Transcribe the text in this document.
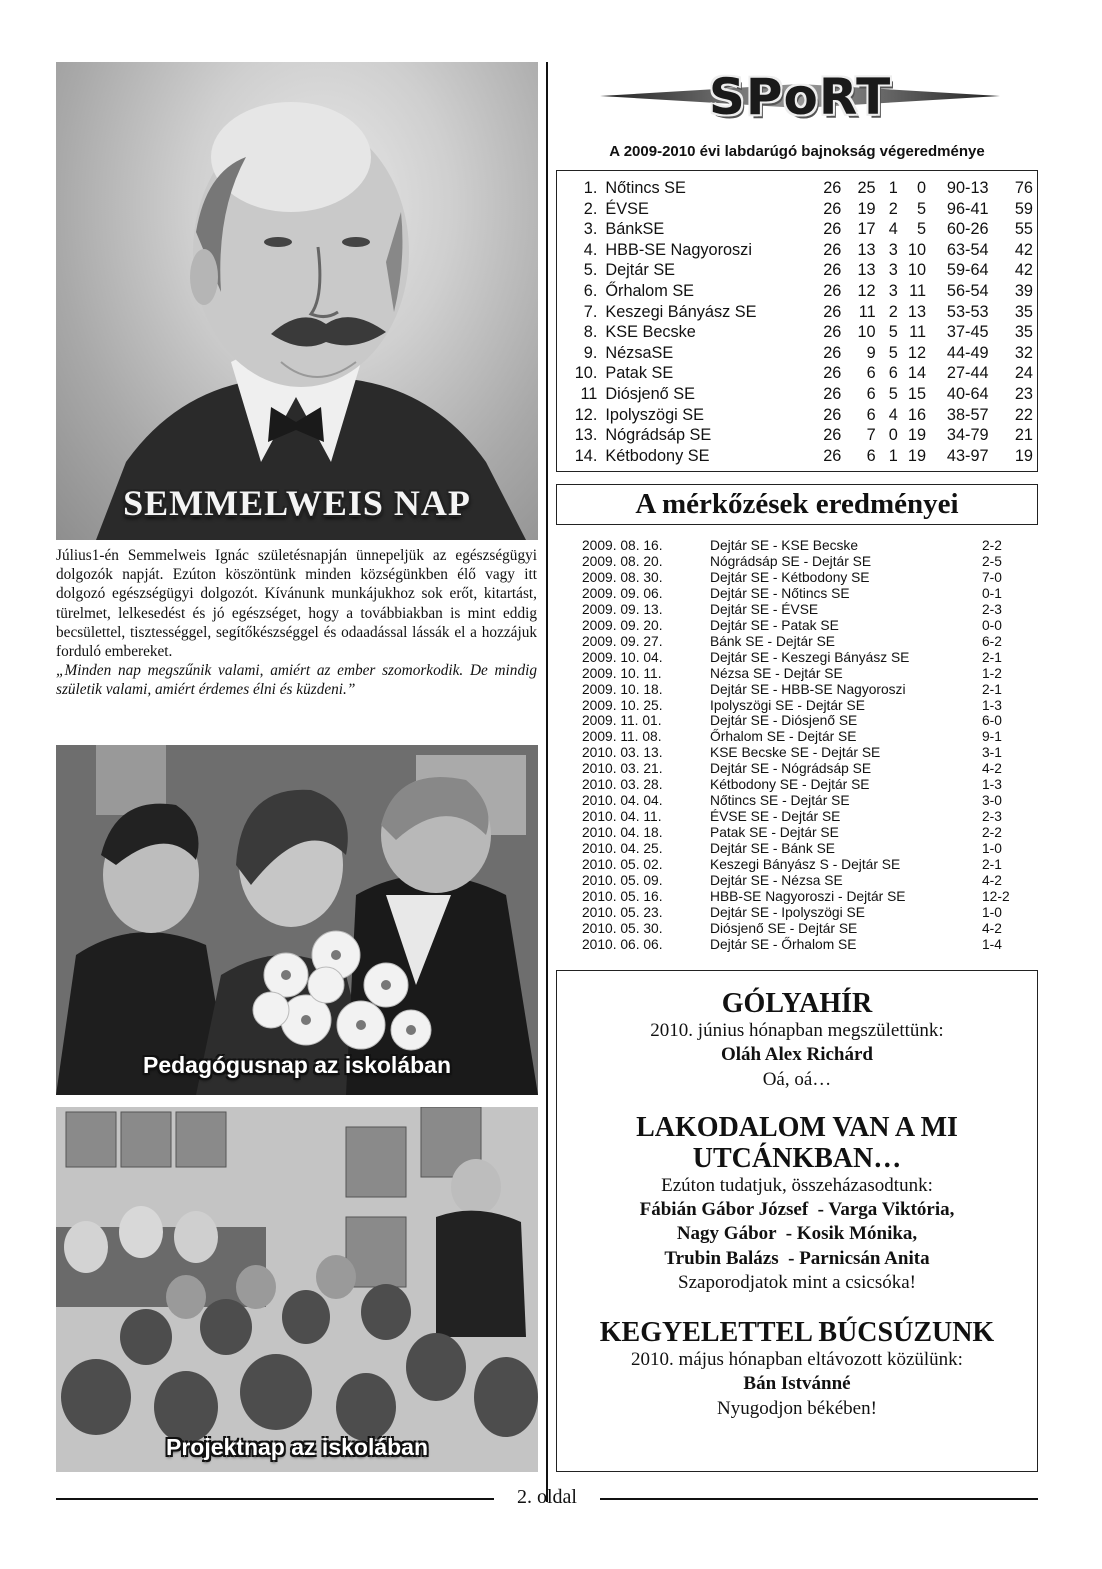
SEMMELWEIS NAP

Július1-én Semmelweis Ignác születésnapján ünnepeljük az egészségügyi dolgozók napját. Ezúton köszöntünk minden községünkben élő vagy itt dolgozó egészségügyi dolgozót. Kívánunk munkájukhoz sok erőt, kitartást, türelmet, lelkesedést és jó egészséget, hogy a továbbiakban is mint eddig becsülettel, tisztességgel, segítőkészséggel és odaadással lássák el a hozzájuk forduló embereket.

„Minden nap megszűnik valami, amiért az ember szomorkodik. De mindig születik valami, amiért érdemes élni és küzdeni.”

Pedagógusnap az iskolában
Projektnap az iskolában
SPoRT
A 2009-2010 évi labdarúgó bajnokság végeredménye
1.	Nőtincs SE	26	25	1	0	90-13	76
2.	ÉVSE	26	19	2	5	96-41	59
3.	BánkSE	26	17	4	5	60-26	55
4.	HBB-SE Nagyoroszi	26	13	3	10	63-54	42
5.	Dejtár SE	26	13	3	10	59-64	42
6.	Őrhalom SE	26	12	3	11	56-54	39
7.	Keszegi Bányász SE	26	11	2	13	53-53	35
8.	KSE Becske	26	10	5	11	37-45	35
9.	NézsaSE	26	9	5	12	44-49	32
10.	Patak SE	26	6	6	14	27-44	24
11	Diósjenő SE	26	6	5	15	40-64	23
12.	Ipolyszögi SE	26	6	4	16	38-57	22
13.	Nógrádsáp SE	26	7	0	19	34-79	21
14.	Kétbodony SE	26	6	1	19	43-97	19
A mérkőzések eredményei
2009. 08. 16.	Dejtár SE - KSE Becske	2-2
2009. 08. 20.	Nógrádsáp SE - Dejtár SE	2-5
2009. 08. 30.	Dejtár SE - Kétbodony SE	7-0
2009. 09. 06.	Dejtár SE - Nőtincs SE	0-1
2009. 09. 13.	Dejtár SE - ÉVSE	2-3
2009. 09. 20.	Dejtár SE - Patak SE	0-0
2009. 09. 27.	Bánk SE - Dejtár SE	6-2
2009. 10. 04.	Dejtár SE - Keszegi Bányász SE	2-1
2009. 10. 11.	Nézsa SE - Dejtár SE	1-2
2009. 10. 18.	Dejtár SE - HBB-SE Nagyoroszi	2-1
2009. 10. 25.	Ipolyszögi SE - Dejtár SE	1-3
2009. 11. 01.	Dejtár SE - Diósjenő SE	6-0
2009. 11. 08.	Őrhalom SE - Dejtár SE	9-1
2010. 03. 13.	KSE Becske SE - Dejtár SE	3-1
2010. 03. 21.	Dejtár SE - Nógrádsáp SE	4-2
2010. 03. 28.	Kétbodony SE - Dejtár SE	1-3
2010. 04. 04.	Nőtincs SE - Dejtár SE	3-0
2010. 04. 11.	ÉVSE SE - Dejtár SE	2-3
2010. 04. 18.	Patak SE - Dejtár SE	2-2
2010. 04. 25.	Dejtár SE - Bánk SE	1-0
2010. 05. 02.	Keszegi Bányász S - Dejtár SE	2-1
2010. 05. 09.	Dejtár SE - Nézsa SE	4-2
2010. 05. 16.	HBB-SE Nagyoroszi - Dejtár SE	12-2
2010. 05. 23.	Dejtár SE - Ipolyszögi SE	1-0
2010. 05. 30.	Diósjenő SE - Dejtár SE	4-2
2010. 06. 06.	Dejtár SE - Őrhalom SE	1-4
GÓLYAHÍR
2010. június hónapban megszülettünk:
Oláh Alex Richárd
Oá, oá…
LAKODALOM VAN A MI
UTCÁNKBAN…
Ezúton tudatjuk, összeházasodtunk:
Fábián Gábor József  - Varga Viktória,
Nagy Gábor  - Kosik Mónika,
Trubin Balázs  - Parnicsán Anita
Szaporodjatok mint a csicsóka!
KEGYELETTEL BÚCSÚZUNK
2010. május hónapban eltávozott közülünk:
Bán Istvánné
Nyugodjon békében!
2. oldal
